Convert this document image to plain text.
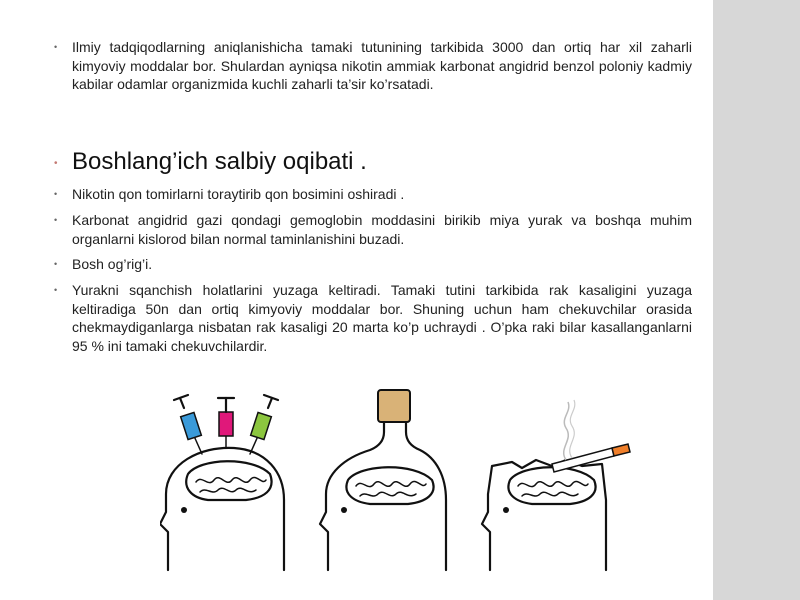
• Ilmiy tadqiqodlarning aniqlanishicha tamaki tutunining tarkibida 3000 dan ortiq har xil zaharli kimyoviy moddalar bor. Shulardan ayniqsa nikotin ammiak karbonat angidrid benzol poloniy kadmiy kabilar odamlar organizmida kuchli zaharli ta’sir ko’rsatadi.
• Boshlang’ich salbiy oqibati .
• Nikotin qon tomirlarni toraytirib qon bosimini oshiradi .
• Karbonat angidrid gazi qondagi gemoglobin moddasini birikib miya yurak va boshqa muhim organlarni kislorod bilan normal taminlanishini buzadi.
• Bosh og’rig’i.
• Yurakni sqanchish holatlarini yuzaga keltiradi. Tamaki tutini tarkibida rak kasaligini yuzaga keltiradiga 50n dan ortiq kimyoviy moddalar bor. Shuning uchun ham chekuvchilar orasida chekmaydiganlarga nisbatan rak kasaligi 20 marta ko’p uchraydi . O’pka raki bilar kasallanganlarni 95 % ini tamaki chekuvchilardir.
